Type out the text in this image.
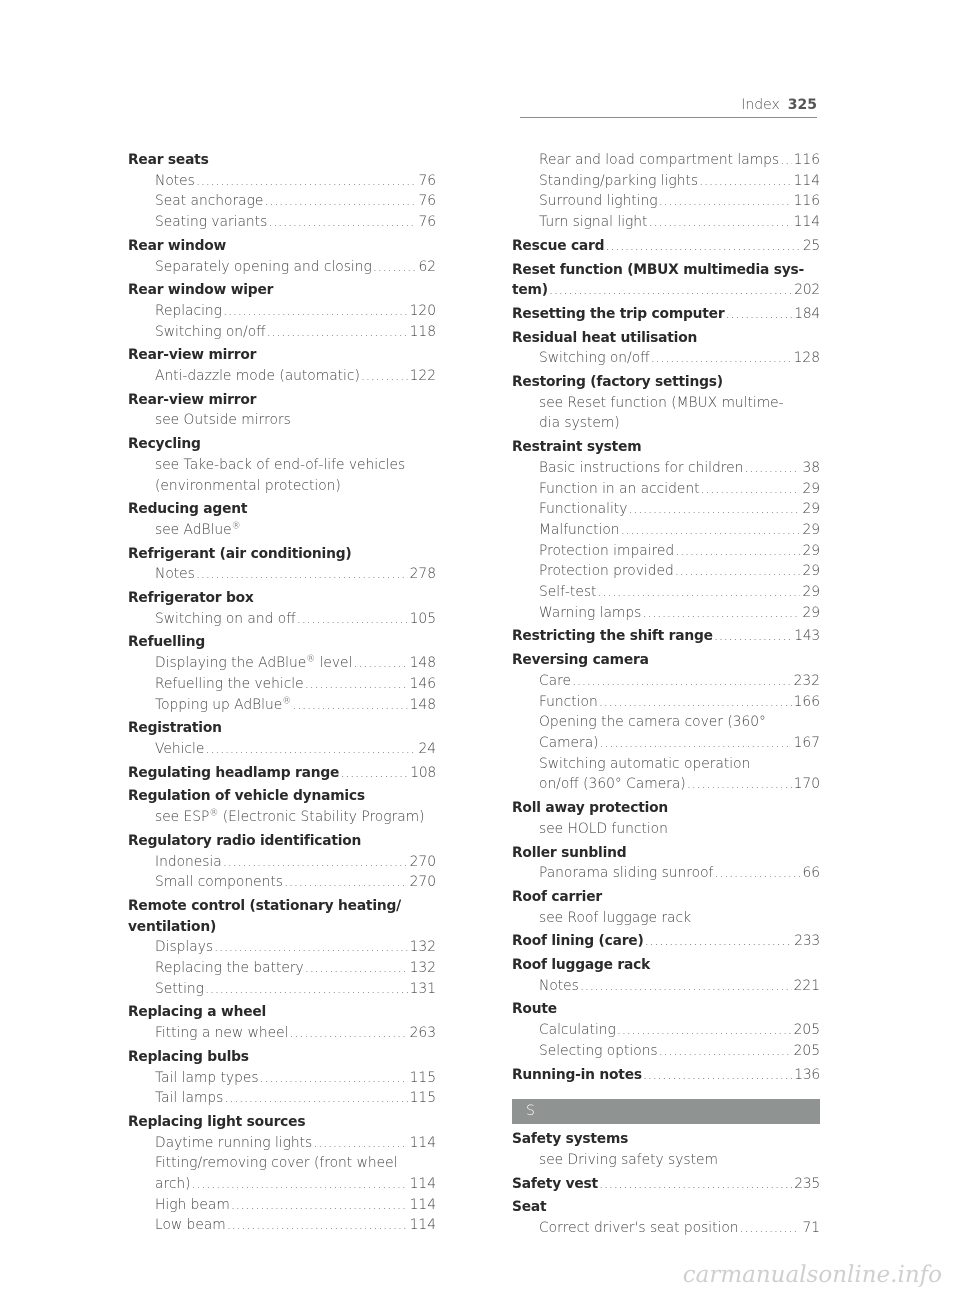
Index 325
Rear seats
Notes .....	76
Seat anchorage .....	76
Seating variants .....	76
Rear window
Separately opening and closing .....	62
Rear window wiper
Replacing .....	120
Switching on/off .....	118
Rear-view mirror
Anti-dazzle mode (automatic) .....	122
Rear-view mirror
see Outside mirrors
Recycling
see Take-back of end-of-life vehicles
(environmental protection)
Reducing agent
see AdBlue®
Refrigerant (air conditioning)
Notes .....	278
Refrigerator box
Switching on and off .....	105
Refuelling
Displaying the AdBlue® level .....	148
Refuelling the vehicle .....	146
Topping up AdBlue® .....	148
Registration
Vehicle .....	24
Regulating headlamp range .....	108
Regulation of vehicle dynamics
see ESP® (Electronic Stability Program)
Regulatory radio identification
Indonesia .....	270
Small components .....	270
Remote control (stationary heating/
ventilation)
Displays .....	132
Replacing the battery .....	132
Setting .....	131
Replacing a wheel
Fitting a new wheel .....	263
Replacing bulbs
Tail lamp types .....	115
Tail lamps .....	115
Replacing light sources
Daytime running lights .....	114
Fitting/removing cover (front wheel
arch) .....	114
High beam .....	114
Low beam .....	114
Rear and load compartment lamps ..... 116
Standing/parking lights .....	114
Surround lighting .....	116
Turn signal light .....	114
Rescue card .....	25
Reset function (MBUX multimedia sys-
tem) .....	202
Resetting the trip computer .....	184
Residual heat utilisation
Switching on/off .....	128
Restoring (factory settings)
see Reset function (MBUX multime-
dia system)
Restraint system
Basic instructions for children .....	38
Function in an accident .....	29
Functionality .....	29
Malfunction .....	29
Protection impaired .....	29
Protection provided .....	29
Self-test .....	29
Warning lamps .....	29
Restricting the shift range .....	143
Reversing camera
Care .....	232
Function .....	166
Opening the camera cover (360°
Camera) .....	167
Switching automatic operation
on/off (360° Camera) .....	170
Roll away protection
see HOLD function
Roller sunblind
Panorama sliding sunroof .....	66
Roof carrier
see Roof luggage rack
Roof lining (care) .....	233
Roof luggage rack
Notes .....	221
Route
Calculating .....	205
Selecting options .....	205
Running-in notes .....	136
S
Safety systems
see Driving safety system
Safety vest .....	235
Seat
Correct driver's seat position .....	71
carmanualsonline.info
